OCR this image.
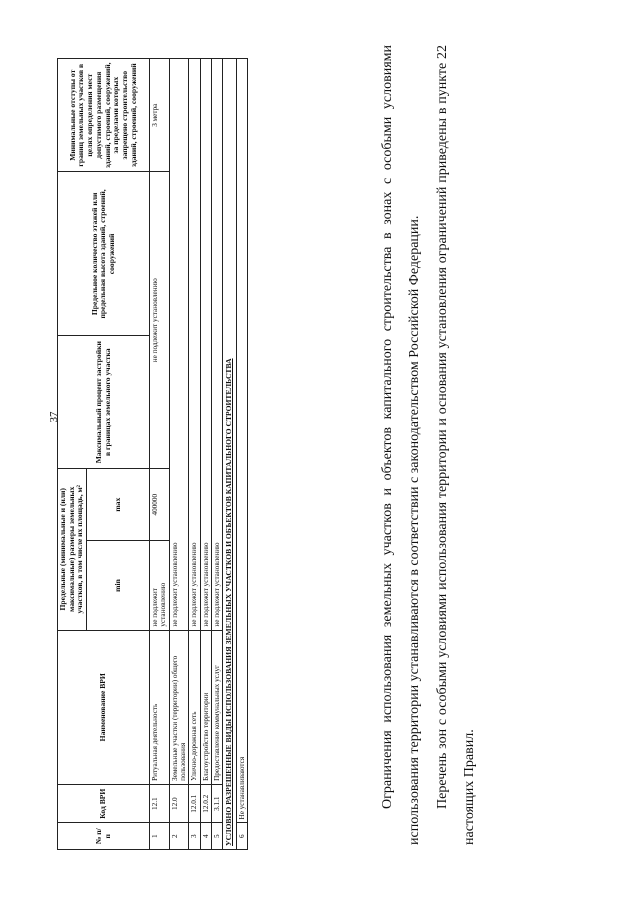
37
№ п/п	Код ВРИ	Наименование ВРИ	Предельные (минимальные и (или) максимальные) размеры земельных участков, в том числе их площадь, м²		Максимальный процент застройки в границах земельного участка	Предельное количество этажей или предельная высота зданий, строений, сооружений	Минимальные отступы от границ земельных участков в целях определения мест допустимого размещения зданий, строений, сооружений, за пределами которых запрещено строительство зданий, строений, сооружений
			min	max			
1	12.1	Ритуальная деятельность	не подлежит установлению	400000	не подлежит установлению		3 метра
2	12.0	Земельные участки (территории) общего пользования	не подлежит установлению				
3	12.0.1	Улично-дорожная сеть	не подлежит установлению				
4	12.0.2	Благоустройство территории	не подлежит установлению				
5	3.1.1	Предоставление коммунальных услуг	не подлежит установлению				
УСЛОВНО РАЗРЕШЕННЫЕ ВИДЫ ИСПОЛЬЗОВАНИЯ ЗЕМЕЛЬНЫХ УЧАСТКОВ И ОБЪЕКТОВ КАПИТАЛЬНОГО СТРОИТЕЛЬСТВА							
6	Не устанавливаются							Ограничения использования земельных участков и объектов капитального строительства в зонах с особыми условиями использования территории устанавливаются в соответствии с законодательством Российской Федерации. Перечень зон с особыми условиями использования территории и основания установления ограничений приведены в пункте 22 настоящих Правил.
